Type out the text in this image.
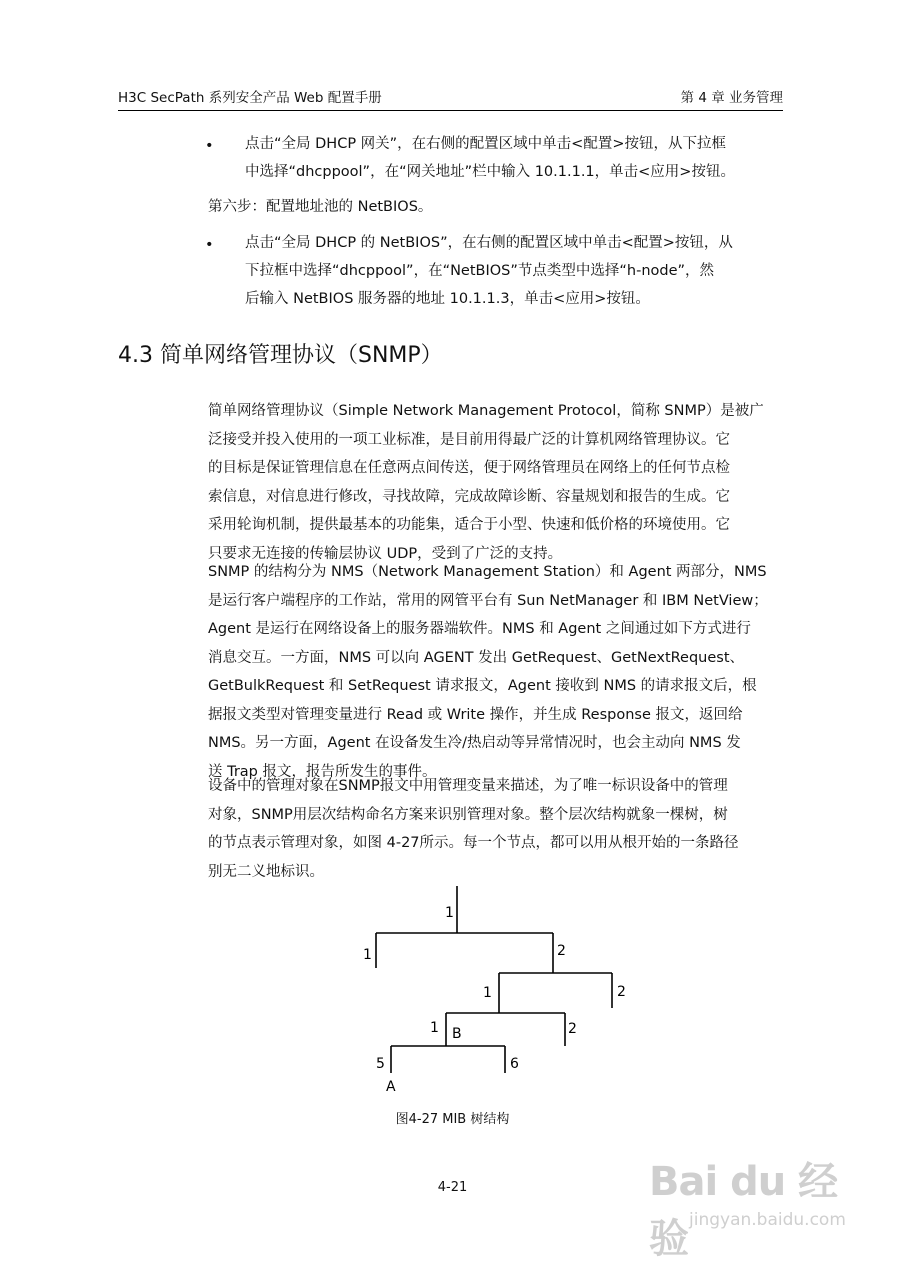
H3C SecPath 系列安全产品 Web 配置手册	第 4 章 业务管理
• 点击“全局 DHCP 网关”，在右侧的配置区域中单击<配置>按钮，从下拉框
中选择“dhcppool”，在“网关地址”栏中输入 10.1.1.1，单击<应用>按钮。
第六步：配置地址池的 NetBIOS。
• 点击“全局 DHCP 的 NetBIOS”，在右侧的配置区域中单击<配置>按钮，从
下拉框中选择“dhcppool”，在“NetBIOS”节点类型中选择“h-node”，然
后输入 NetBIOS 服务器的地址 10.1.1.3，单击<应用>按钮。
4.3 简单网络管理协议（SNMP）

简单网络管理协议（Simple Network Management Protocol，简称 SNMP）是被广

泛接受并投入使用的一项工业标准，是目前用得最广泛的计算机网络管理协议。它

的目标是保证管理信息在任意两点间传送，便于网络管理员在网络上的任何节点检

索信息，对信息进行修改，寻找故障，完成故障诊断、容量规划和报告的生成。它

采用轮询机制，提供最基本的功能集，适合于小型、快速和低价格的环境使用。它

只要求无连接的传输层协议 UDP，受到了广泛的支持。

SNMP 的结构分为 NMS（Network Management Station）和 Agent 两部分，NMS

是运行客户端程序的工作站，常用的网管平台有 Sun NetManager 和 IBM NetView；

Agent 是运行在网络设备上的服务器端软件。NMS 和 Agent 之间通过如下方式进行

消息交互。一方面，NMS 可以向 AGENT 发出 GetRequest、GetNextRequest、

GetBulkRequest 和 SetRequest 请求报文，Agent 接收到 NMS 的请求报文后，根

据报文类型对管理变量进行 Read 或 Write 操作，并生成 Response 报文，返回给

NMS。另一方面，Agent 在设备发生冷/热启动等异常情况时，也会主动向 NMS 发

送 Trap 报文，报告所发生的事件。

设备中的管理对象在SNMP报文中用管理变量来描述，为了唯一标识设备中的管理

对象，SNMP用层次结构命名方案来识别管理对象。整个层次结构就象一棵树，树

的节点表示管理对象，如图 4-27所示。每一个节点，都可以用从根开始的一条路径

别无二义地标识。

1
1	2
1	2
1 B	2
5	6
A
图4-27 MIB 树结构
4-21	Bai du 经验 jingyan.baidu.com
